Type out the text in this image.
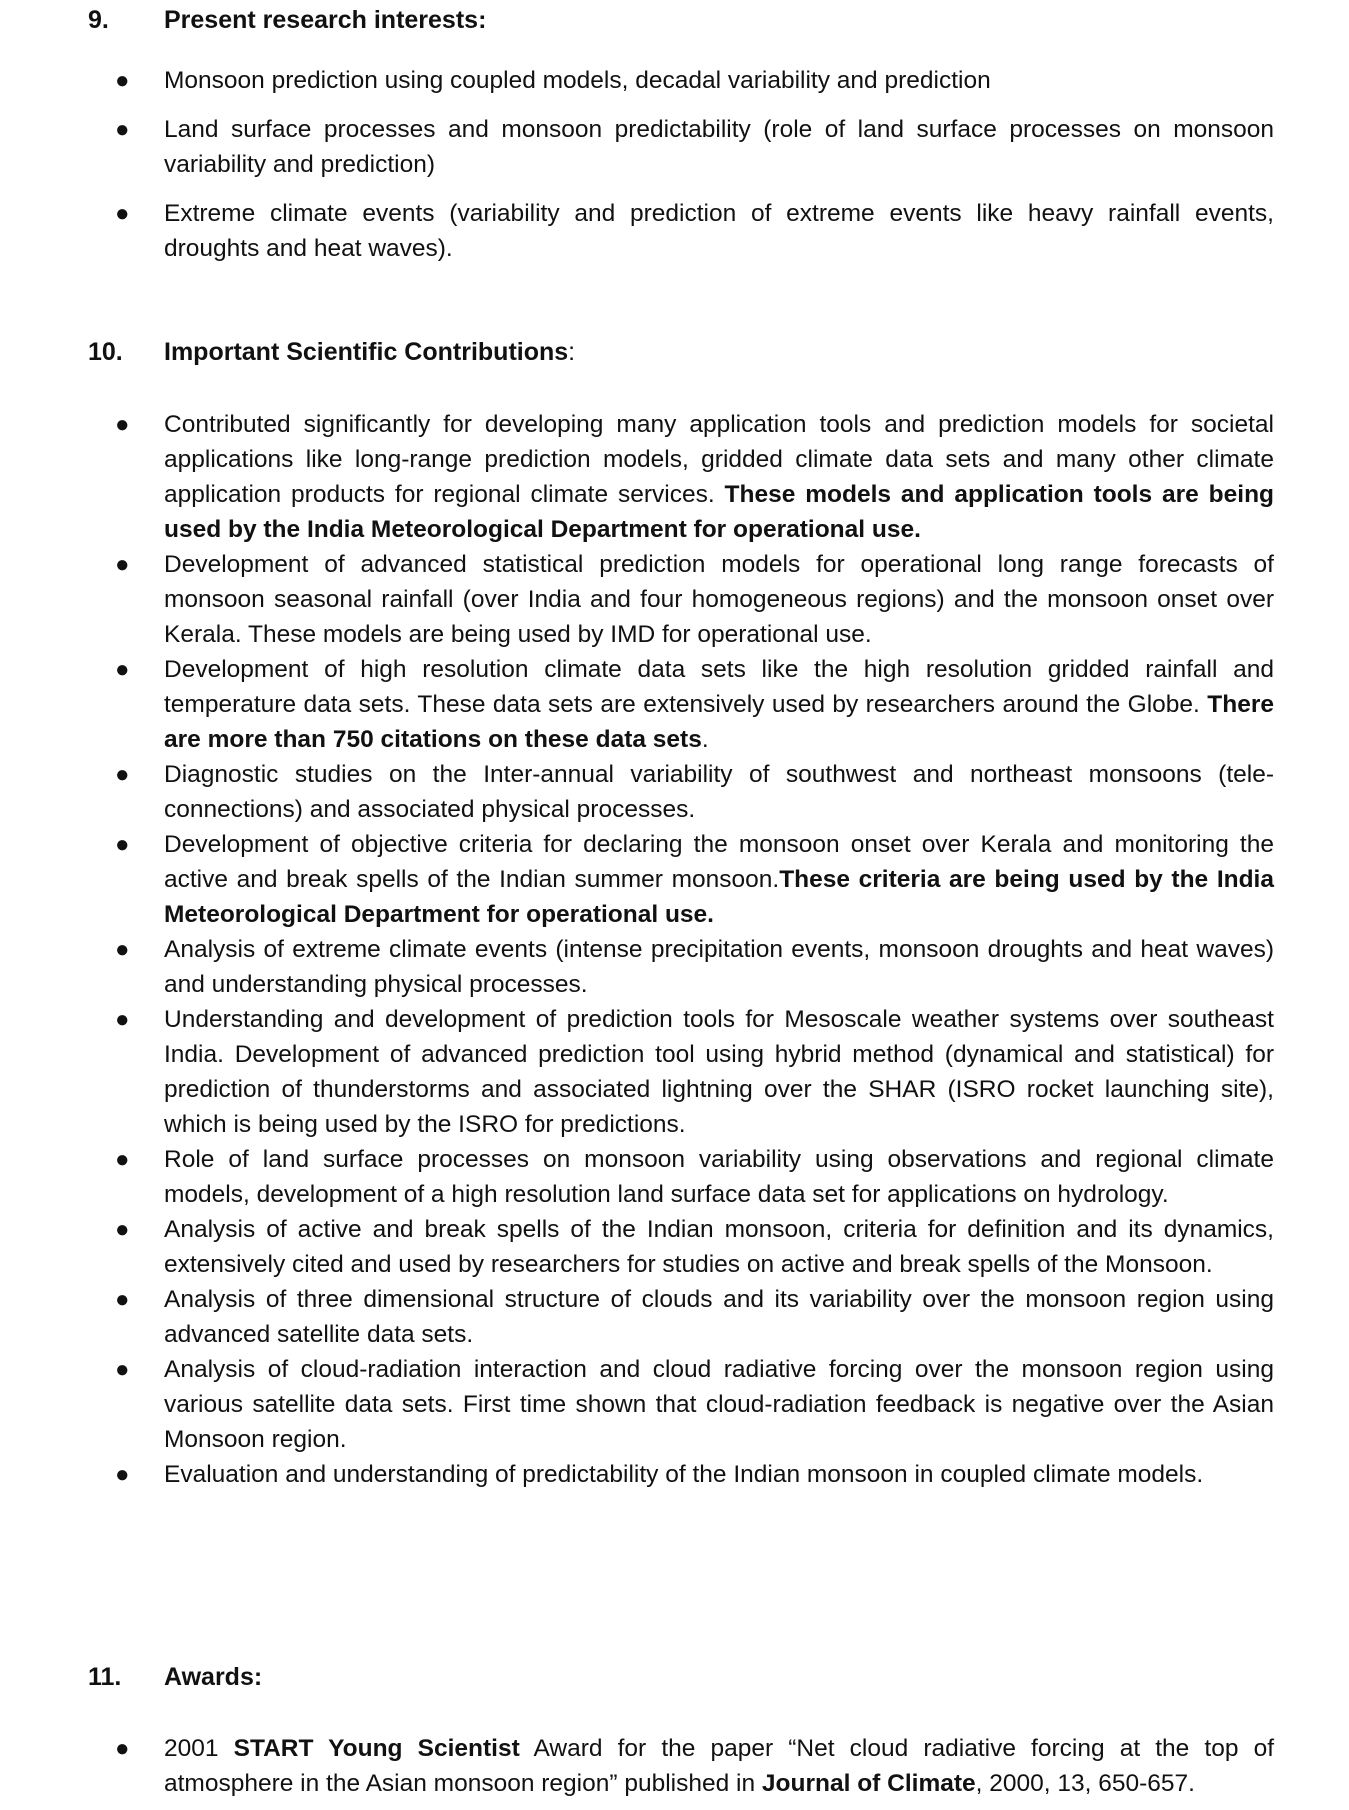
9. Present research interests:
● Monsoon prediction using coupled models, decadal variability and prediction
● Land surface processes and monsoon predictability (role of land surface processes on monsoon variability and prediction)
● Extreme climate events (variability and prediction of extreme events like heavy rainfall events, droughts and heat waves).
10. Important Scientific Contributions:
● Contributed significantly for developing many application tools and prediction models for societal applications like long-range prediction models, gridded climate data sets and many other climate application products for regional climate services. These models and application tools are being used by the India Meteorological Department for operational use.
● Development of advanced statistical prediction models for operational long range forecasts of monsoon seasonal rainfall (over India and four homogeneous regions) and the monsoon onset over Kerala. These models are being used by IMD for operational use.
● Development of high resolution climate data sets like the high resolution gridded rainfall and temperature data sets. These data sets are extensively used by researchers around the Globe. There are more than 750 citations on these data sets.
● Diagnostic studies on the Inter-annual variability of southwest and northeast monsoons (tele-connections) and associated physical processes.
● Development of objective criteria for declaring the monsoon onset over Kerala and monitoring the active and break spells of the Indian summer monsoon.These criteria are being used by the India Meteorological Department for operational use.
● Analysis of extreme climate events (intense precipitation events, monsoon droughts and heat waves) and understanding physical processes.
● Understanding and development of prediction tools for Mesoscale weather systems over southeast India. Development of advanced prediction tool using hybrid method (dynamical and statistical) for prediction of thunderstorms and associated lightning over the SHAR (ISRO rocket launching site), which is being used by the ISRO for predictions.
● Role of land surface processes on monsoon variability using observations and regional climate models, development of a high resolution land surface data set for applications on hydrology.
● Analysis of active and break spells of the Indian monsoon, criteria for definition and its dynamics, extensively cited and used by researchers for studies on active and break spells of the Monsoon.
● Analysis of three dimensional structure of clouds and its variability over the monsoon region using advanced satellite data sets.
● Analysis of cloud-radiation interaction and cloud radiative forcing over the monsoon region using various satellite data sets. First time shown that cloud-radiation feedback is negative over the Asian Monsoon region.
● Evaluation and understanding of predictability of the Indian monsoon in coupled climate models.
11. Awards:
● 2001 START Young Scientist Award for the paper “Net cloud radiative forcing at the top of atmosphere in the Asian monsoon region” published in Journal of Climate, 2000, 13, 650-657.
